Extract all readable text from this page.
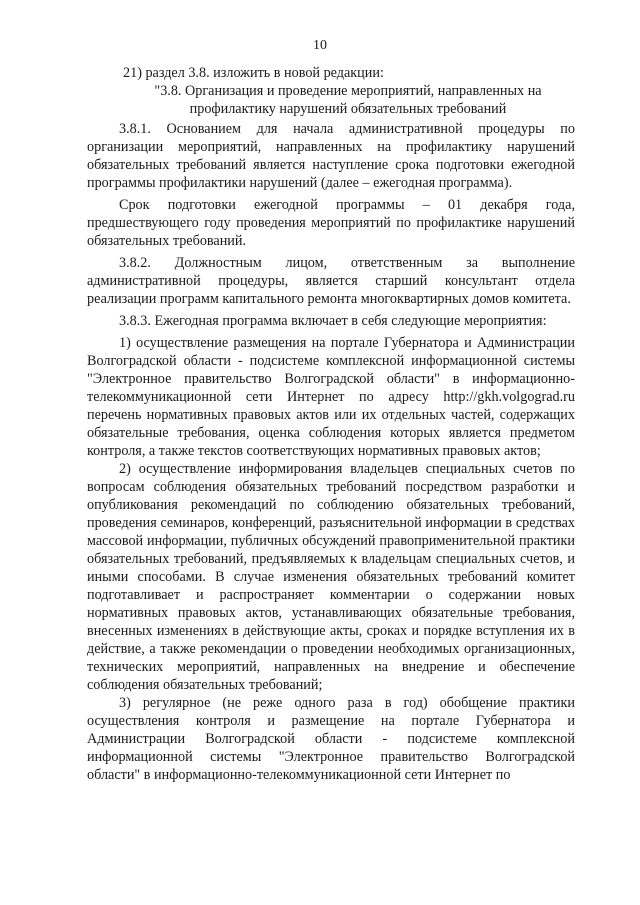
10

21) раздел 3.8. изложить в новой редакции:

"3.8. Организация и проведение мероприятий, направленных на профилактику нарушений обязательных требований

3.8.1. Основанием для начала административной процедуры по организации мероприятий, направленных на профилактику нарушений обязательных требований является наступление срока подготовки ежегодной программы профилактики нарушений (далее – ежегодная программа).

Срок подготовки ежегодной программы – 01 декабря года, предшествующего году проведения мероприятий по профилактике нарушений обязательных требований.

3.8.2. Должностным лицом, ответственным за выполнение административной процедуры, является старший консультант отдела реализации программ капитального ремонта многоквартирных домов комитета.

3.8.3. Ежегодная программа включает в себя следующие мероприятия:

1) осуществление размещения на портале Губернатора и Администрации Волгоградской области - подсистеме комплексной информационной системы "Электронное правительство Волгоградской области" в информационно-телекоммуникационной сети Интернет по адресу http://gkh.volgograd.ru перечень нормативных правовых актов или их отдельных частей, содержащих обязательные требования, оценка соблюдения которых является предметом контроля, а также текстов соответствующих нормативных правовых актов;

2) осуществление информирования владельцев специальных счетов по вопросам соблюдения обязательных требований посредством разработки и опубликования рекомендаций по соблюдению обязательных требований, проведения семинаров, конференций, разъяснительной информации в средствах массовой информации, публичных обсуждений правоприменительной практики обязательных требований, предъявляемых к владельцам специальных счетов, и иными способами. В случае изменения обязательных требований комитет подготавливает и распространяет комментарии о содержании новых нормативных правовых актов, устанавливающих обязательные требования, внесенных изменениях в действующие акты, сроках и порядке вступления их в действие, а также рекомендации о проведении необходимых организационных, технических мероприятий, направленных на внедрение и обеспечение соблюдения обязательных требований;

3) регулярное (не реже одного раза в год) обобщение практики осуществления контроля и размещение на портале Губернатора и Администрации Волгоградской области - подсистеме комплексной информационной системы "Электронное правительство Волгоградской области" в информационно-телекоммуникационной сети Интернет по
